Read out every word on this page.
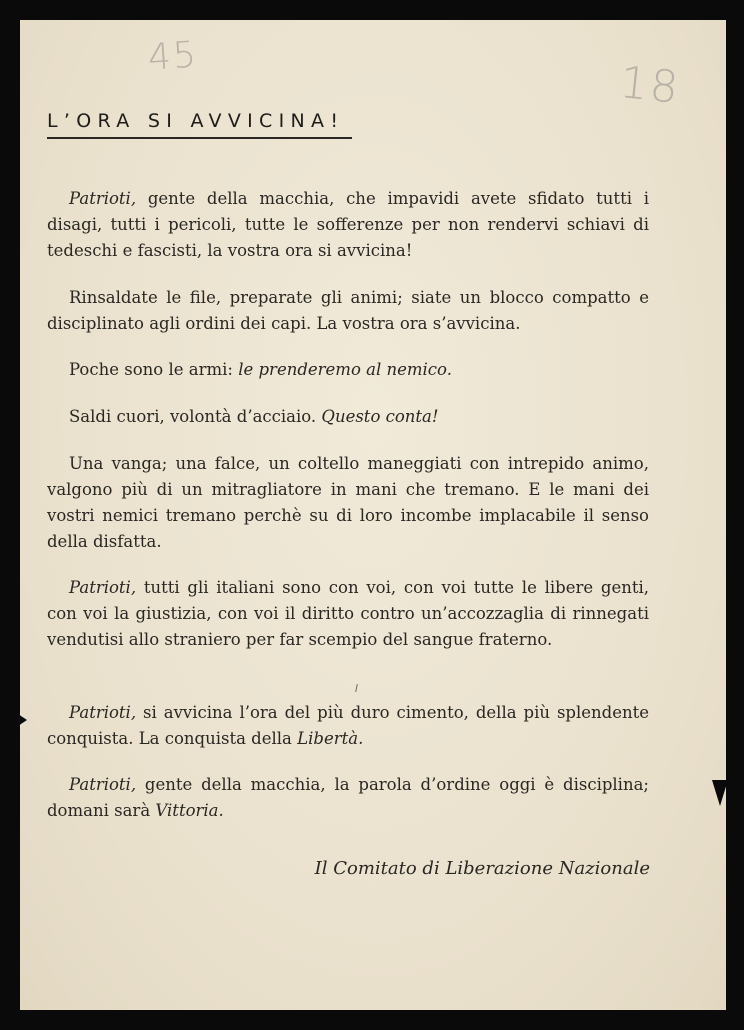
45
18
L’ORA SI AVVICINA!

Patrioti, gente della macchia, che impavidi avete sfidato tutti i disagi, tutti i pericoli, tutte le sofferenze per non rendervi schiavi di tedeschi e fascisti, la vostra ora si avvicina!

Rinsaldate le file, preparate gli animi; siate un blocco compatto e disciplinato agli ordini dei capi. La vostra ora s’avvicina.

Poche sono le armi: le prenderemo al nemico.

Saldi cuori, volontà d’acciaio. Questo conta!

Una vanga; una falce, un coltello maneggiati con intrepido animo, valgono più di un mitragliatore in mani che tremano. E le mani dei vostri nemici tremano perchè su di loro incombe implacabile il senso della disfatta.

Patrioti, tutti gli italiani sono con voi, con voi tutte le libere genti, con voi la giustizia, con voi il diritto contro un’accozzaglia di rinnegati vendutisi allo straniero per far scempio del sangue fraterno.

Patrioti, si avvicina l’ora del più duro cimento, della più splendente conquista. La conquista della Libertà.

Patrioti, gente della macchia, la parola d’ordine oggi è disciplina; domani sarà Vittoria.

Il Comitato di Liberazione Nazionale
